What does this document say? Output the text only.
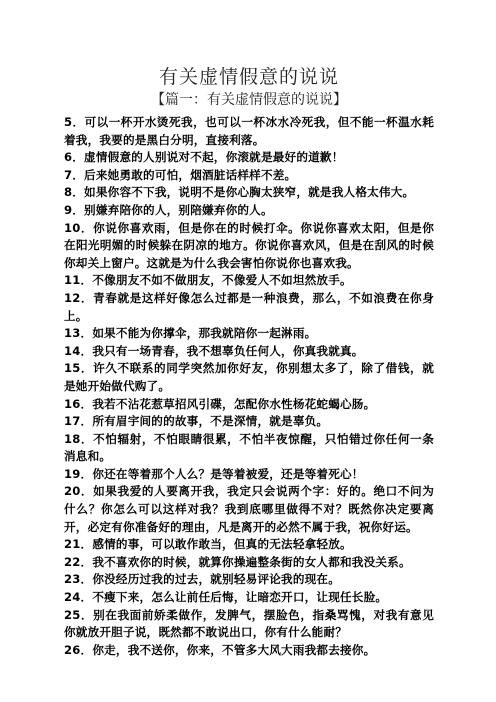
有关虚情假意的说说
【篇一：有关虚情假意的说说】
5．可以一杯开水烫死我，也可以一杯冰水冷死我，但不能一杯温水耗着我，我要的是黑白分明，直接利落。
6．虚情假意的人别说对不起，你滚就是最好的道歉！
7．后来她勇敢的可怕，烟酒脏话样样不差。
8．如果你容不下我，说明不是你心胸太狭窄，就是我人格太伟大。
9．别嫌弃陪你的人，别陪嫌弃你的人。
10．你说你喜欢雨，但是你在的时候打伞。你说你喜欢太阳，但是你在阳光明媚的时候躲在阴凉的地方。你说你喜欢风，但是在刮风的时候你却关上窗户。这就是为什么我会害怕你说你也喜欢我。
11．不像朋友不如不做朋友，不像爱人不如坦然放手。
12．青春就是这样好像怎么过都是一种浪费，那么，不如浪费在你身上。
13．如果不能为你撑伞，那我就陪你一起淋雨。
14．我只有一场青春，我不想辜负任何人，你真我就真。
15．许久不联系的同学突然加你好友，你别想太多了，除了借钱，就是她开始做代购了。
16．我若不沾花惹草招风引碟，怎配你水性杨花蛇蝎心肠。
17．所有眉宇间的的故事，不是深情，就是辜负。
18．不怕辐射，不怕眼睛很累，不怕半夜惊醒，只怕错过你任何一条消息和。
19．你还在等着那个人么？是等着被爱，还是等着死心！
20．如果我爱的人要离开我，我定只会说两个字：好的。绝口不问为什么？你怎么可以这样对我？我到底哪里做得不对？既然你决定要离开，必定有你准备好的理由，凡是离开的必然不属于我，祝你好运。
21．感情的事，可以敢作敢当，但真的无法轻拿轻放。
22．我不喜欢你的时候，就算你操遍整条街的女人都和我没关系。
23．你没经历过我的过去，就别轻易评论我的现在。
24．不瘦下来，怎么让前任后悔，让暗恋开口，让现任长脸。
25．别在我面前娇柔做作，发脾气，摆脸色，指桑骂愧，对我有意见你就放开胆子说，既然都不敢说出口，你有什么能耐？
26．你走，我不送你，你来，不管多大风大雨我都去接你。
